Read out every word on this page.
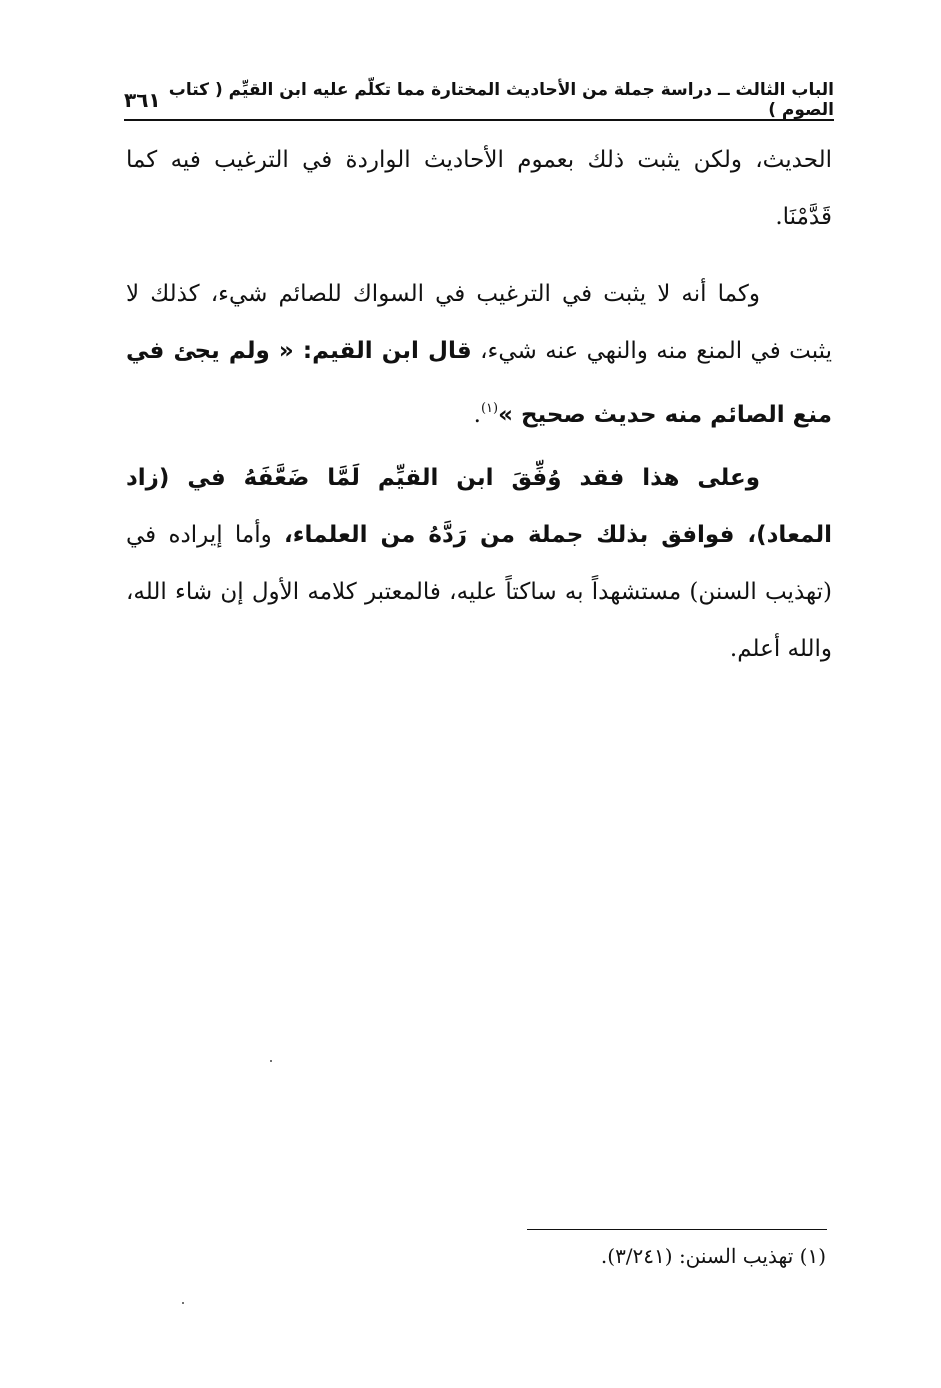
الباب الثالث ــ دراسة جملة من الأحاديث المختارة مما تكلّم عليه ابن القيِّم ( كتاب الصوم )
٣٦١

الحديث، ولكن يثبت ذلك بعموم الأحاديث الواردة في الترغيب فيه كما قَدَّمْنَا.

وكما أنه لا يثبت في الترغيب في السواك للصائم شيء، كذلك لا يثبت في المنع منه والنهي عنه شيء، قال ابن القيم: « ولم يجئ في منع الصائم منه حديث صحيح »$^{(١)}$.

وعلى هذا فقد وُفِّقَ ابن القيِّم لَمَّا ضَعَّفَهُ في (زاد المعاد)، فوافق بذلك جملة من رَدَّهُ من العلماء، وأما إيراده في (تهذيب السنن) مستشهداً به ساكتاً عليه، فالمعتبر كلامه الأول إن شاء الله، والله أعلم.

(١) تهذيب السنن: (٣/٢٤١).
